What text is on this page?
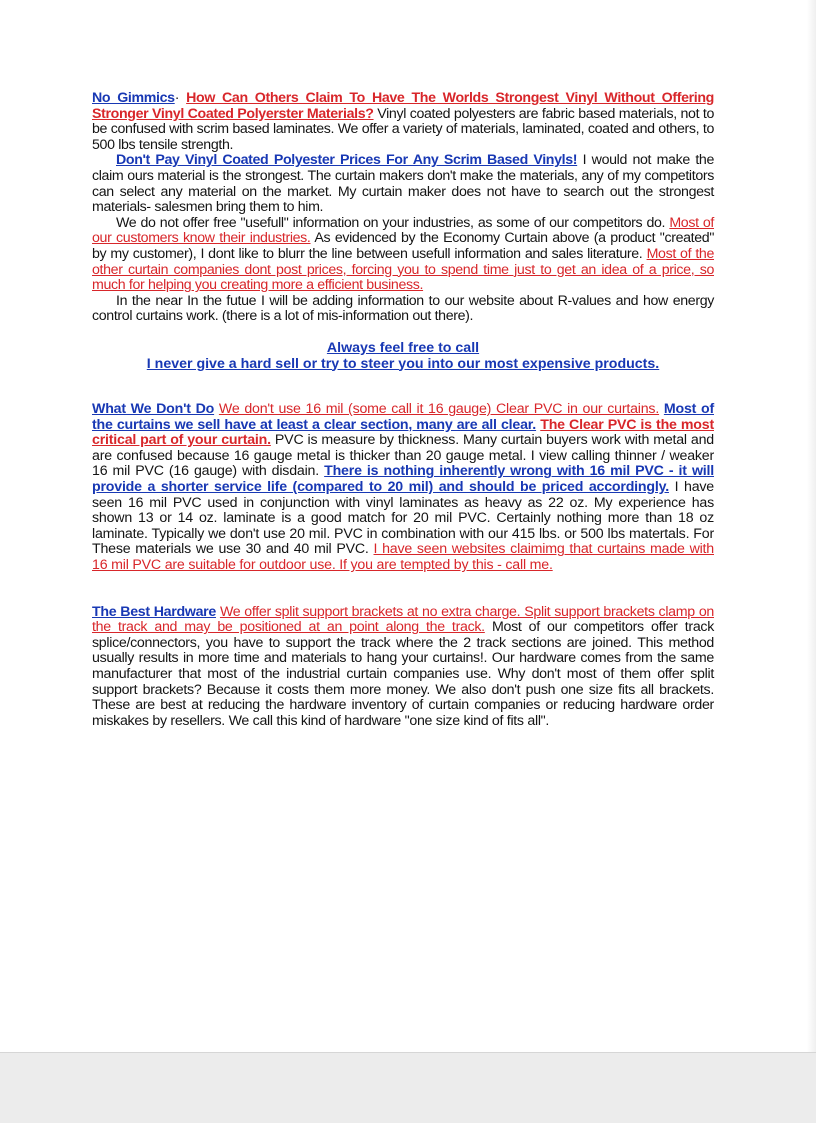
No Gimmics· How Can Others Claim To Have The Worlds Strongest Vinyl Without Offering Stronger Vinyl Coated Polyerster Materials? Vinyl coated polyesters are fabric based materials, not to be confused with scrim based laminates. We offer a variety of materials, laminated, coated and others, to 500 lbs tensile strength.

Don't Pay Vinyl Coated Polyester Prices For Any Scrim Based Vinyls! I would not make the claim ours material is the strongest. The curtain makers don't make the materials, any of my competitors can select any material on the market. My curtain maker does not have to search out the strongest materials- salesmen bring them to him.

We do not offer free "usefull" information on your industries, as some of our competitors do. Most of our customers know their industries. As evidenced by the Economy Curtain above (a product "created" by my customer), I dont like to blurr the line between usefull information and sales literature. Most of the other curtain companies dont post prices, forcing you to spend time just to get an idea of a price, so much for helping you creating more a efficient business.

In the near In the futue I will be adding information to our website about R-values and how energy control curtains work. (there is a lot of mis-information out there).

Always feel free to call

I never give a hard sell or try to steer you into our most expensive products.

What We Don't Do We don't use 16 mil (some call it 16 gauge) Clear PVC in our curtains. Most of the curtains we sell have at least a clear section, many are all clear. The Clear PVC is the most critical part of your curtain. PVC is measure by thickness. Many curtain buyers work with metal and are confused because 16 gauge metal is thicker than 20 gauge metal. I view calling thinner / weaker 16 mil PVC (16 gauge) with disdain. There is nothing inherently wrong with 16 mil PVC - it will provide a shorter service life (compared to 20 mil) and should be priced accordingly. I have seen 16 mil PVC used in conjunction with vinyl laminates as heavy as 22 oz. My experience has shown 13 or 14 oz. laminate is a good match for 20 mil PVC. Certainly nothing more than 18 oz laminate. Typically we don't use 20 mil. PVC in combination with our 415 lbs. or 500 lbs matertals. For These materials we use 30 and 40 mil PVC. I have seen websites claimimg that curtains made with 16 mil PVC are suitable for outdoor use. If you are tempted by this - call me.

The Best Hardware We offer split support brackets at no extra charge. Split support brackets clamp on the track and may be positioned at an point along the track. Most of our competitors offer track splice/connectors, you have to support the track where the 2 track sections are joined. This method usually results in more time and materials to hang your curtains!. Our hardware comes from the same manufacturer that most of the industrial curtain companies use. Why don't most of them offer split support brackets? Because it costs them more money. We also don't push one size fits all brackets. These are best at reducing the hardware inventory of curtain companies or reducing hardware order miskakes by resellers. We call this kind of hardware "one size kind of fits all".
